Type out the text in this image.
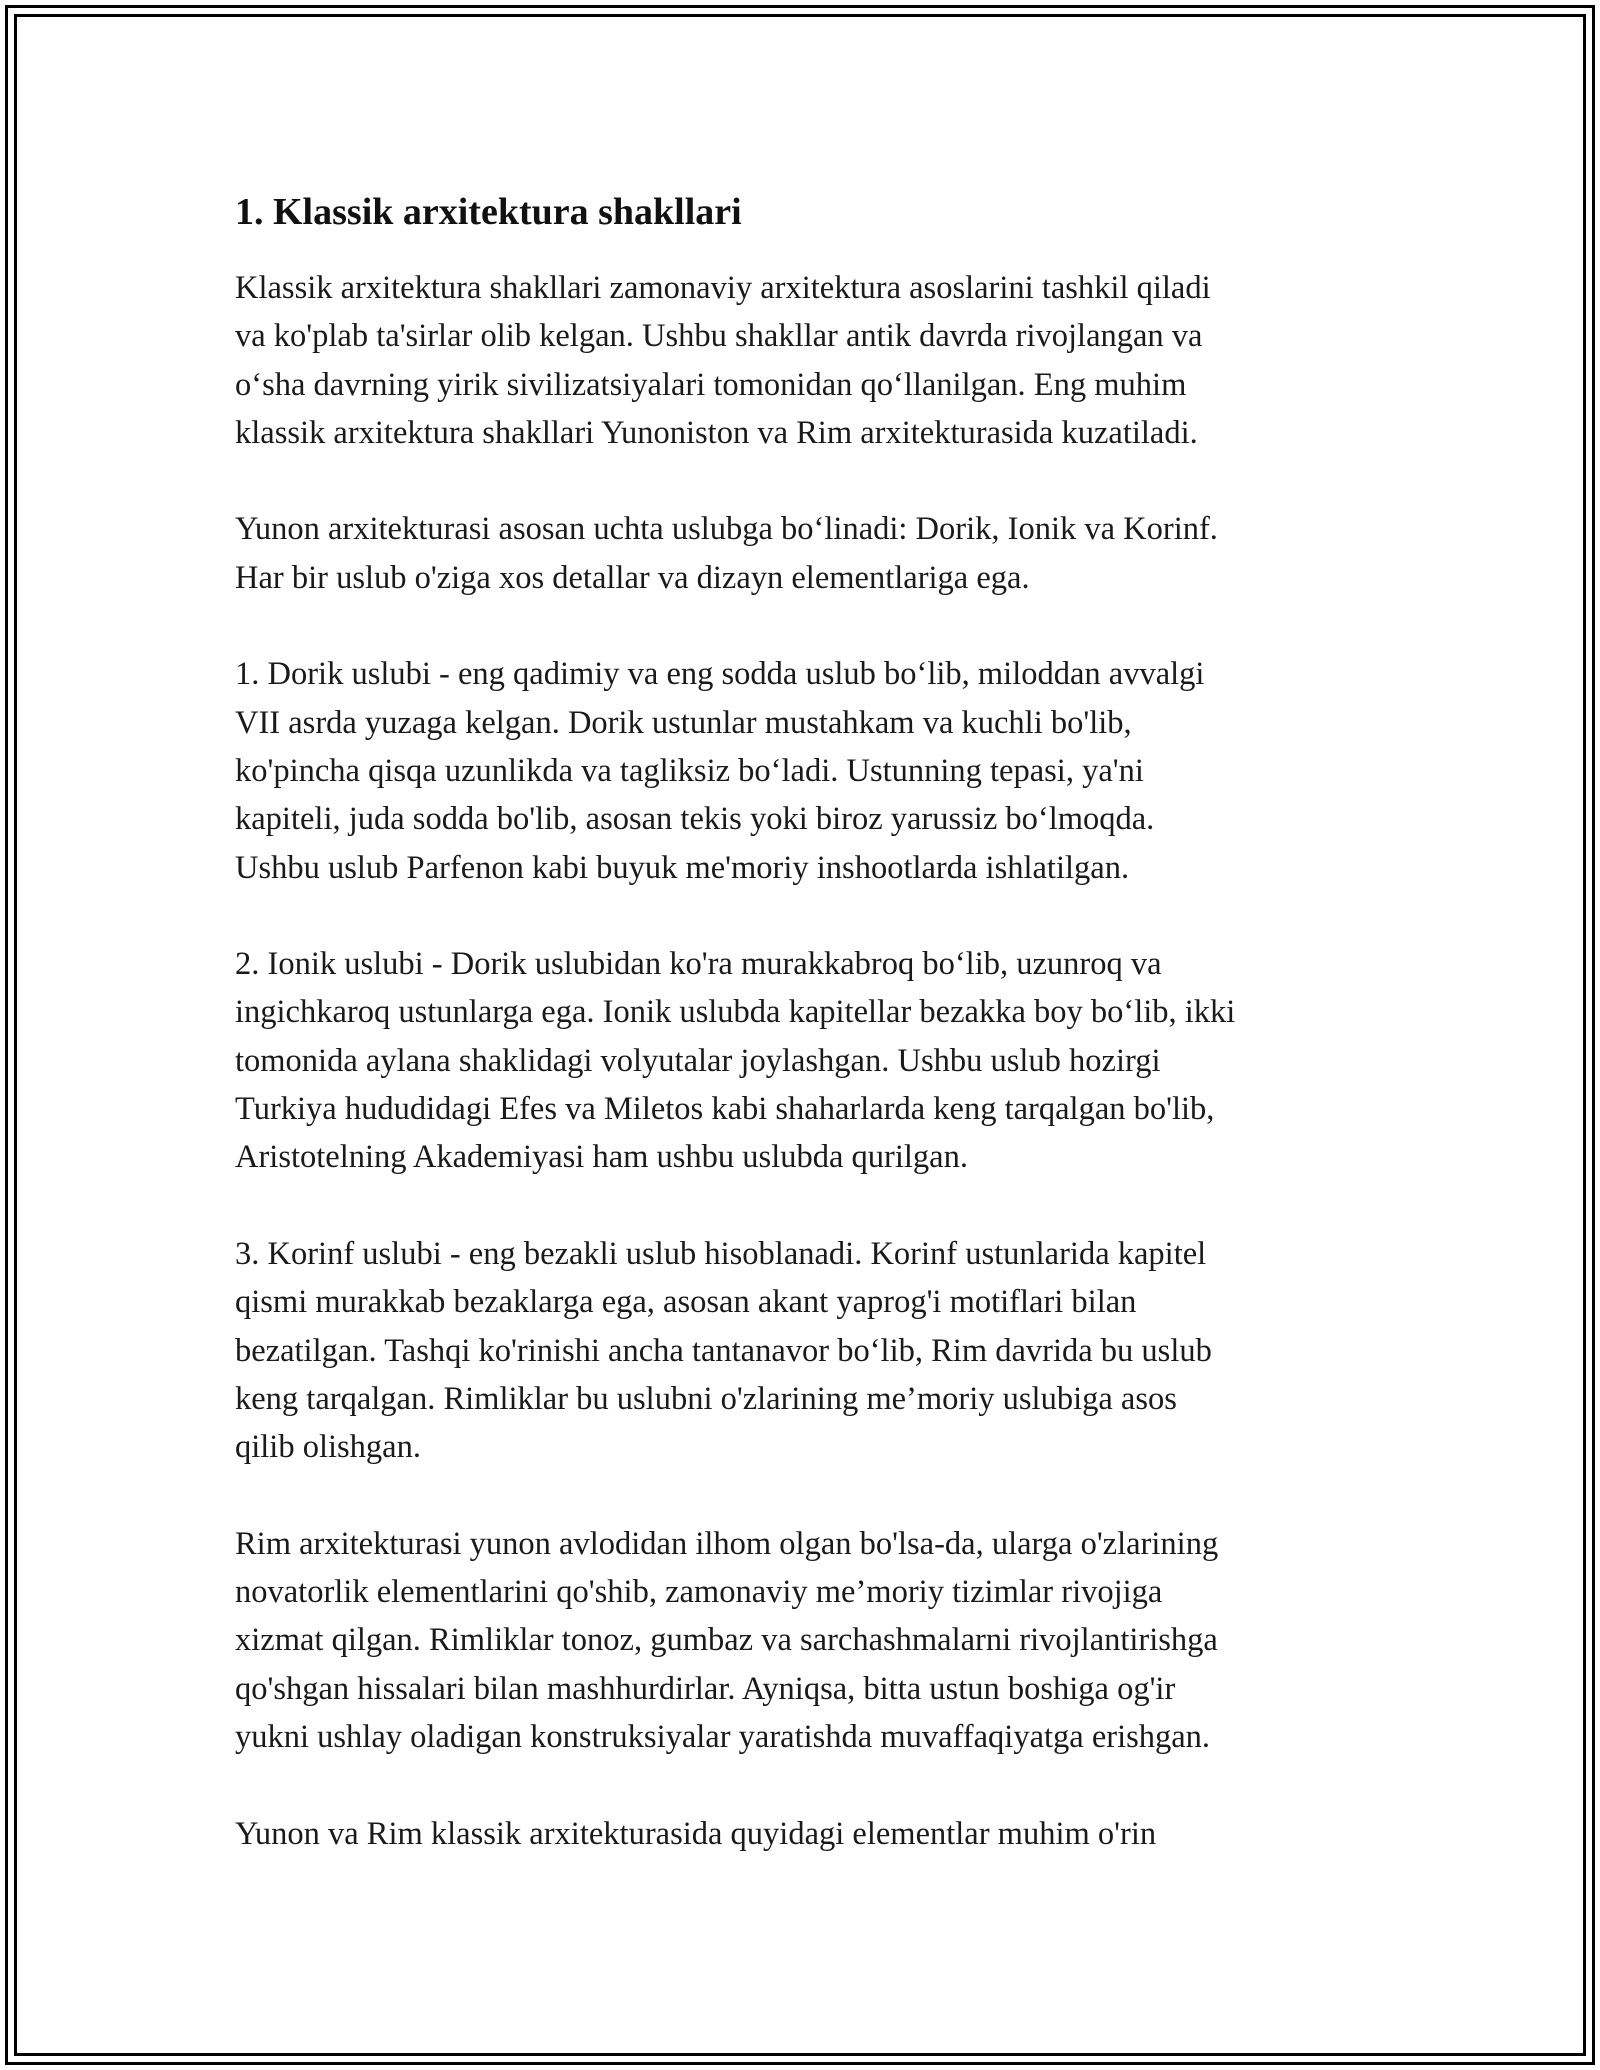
1. Klassik arxitektura shakllari

Klassik arxitektura shakllari zamonaviy arxitektura asoslarini tashkil qiladi
va ko'plab ta'sirlar olib kelgan. Ushbu shakllar antik davrda rivojlangan va
o‘sha davrning yirik sivilizatsiyalari tomonidan qo‘llanilgan. Eng muhim
klassik arxitektura shakllari Yunoniston va Rim arxitekturasida kuzatiladi.

Yunon arxitekturasi asosan uchta uslubga bo‘linadi: Dorik, Ionik va Korinf.
Har bir uslub o'ziga xos detallar va dizayn elementlariga ega.

1. Dorik uslubi - eng qadimiy va eng sodda uslub bo‘lib, miloddan avvalgi
VII asrda yuzaga kelgan. Dorik ustunlar mustahkam va kuchli bo'lib,
ko'pincha qisqa uzunlikda va tagliksiz bo‘ladi. Ustunning tepasi, ya'ni
kapiteli, juda sodda bo'lib, asosan tekis yoki biroz yarussiz bo‘lmoqda.
Ushbu uslub Parfenon kabi buyuk me'moriy inshootlarda ishlatilgan.

2. Ionik uslubi - Dorik uslubidan ko'ra murakkabroq bo‘lib, uzunroq va
ingichkaroq ustunlarga ega. Ionik uslubda kapitellar bezakka boy bo‘lib, ikki
tomonida aylana shaklidagi volyutalar joylashgan. Ushbu uslub hozirgi
Turkiya hududidagi Efes va Miletos kabi shaharlarda keng tarqalgan bo'lib,
Aristotelning Akademiyasi ham ushbu uslubda qurilgan.

3. Korinf uslubi - eng bezakli uslub hisoblanadi. Korinf ustunlarida kapitel
qismi murakkab bezaklarga ega, asosan akant yaprog'i motiflari bilan
bezatilgan. Tashqi ko'rinishi ancha tantanavor bo‘lib, Rim davrida bu uslub
keng tarqalgan. Rimliklar bu uslubni o'zlarining me’moriy uslubiga asos
qilib olishgan.

Rim arxitekturasi yunon avlodidan ilhom olgan bo'lsa-da, ularga o'zlarining
novatorlik elementlarini qo'shib, zamonaviy me’moriy tizimlar rivojiga
xizmat qilgan. Rimliklar tonoz, gumbaz va sarchashmalarni rivojlantirishga
qo'shgan hissalari bilan mashhurdirlar. Ayniqsa, bitta ustun boshiga og'ir
yukni ushlay oladigan konstruksiyalar yaratishda muvaffaqiyatga erishgan.

Yunon va Rim klassik arxitekturasida quyidagi elementlar muhim o'rin
